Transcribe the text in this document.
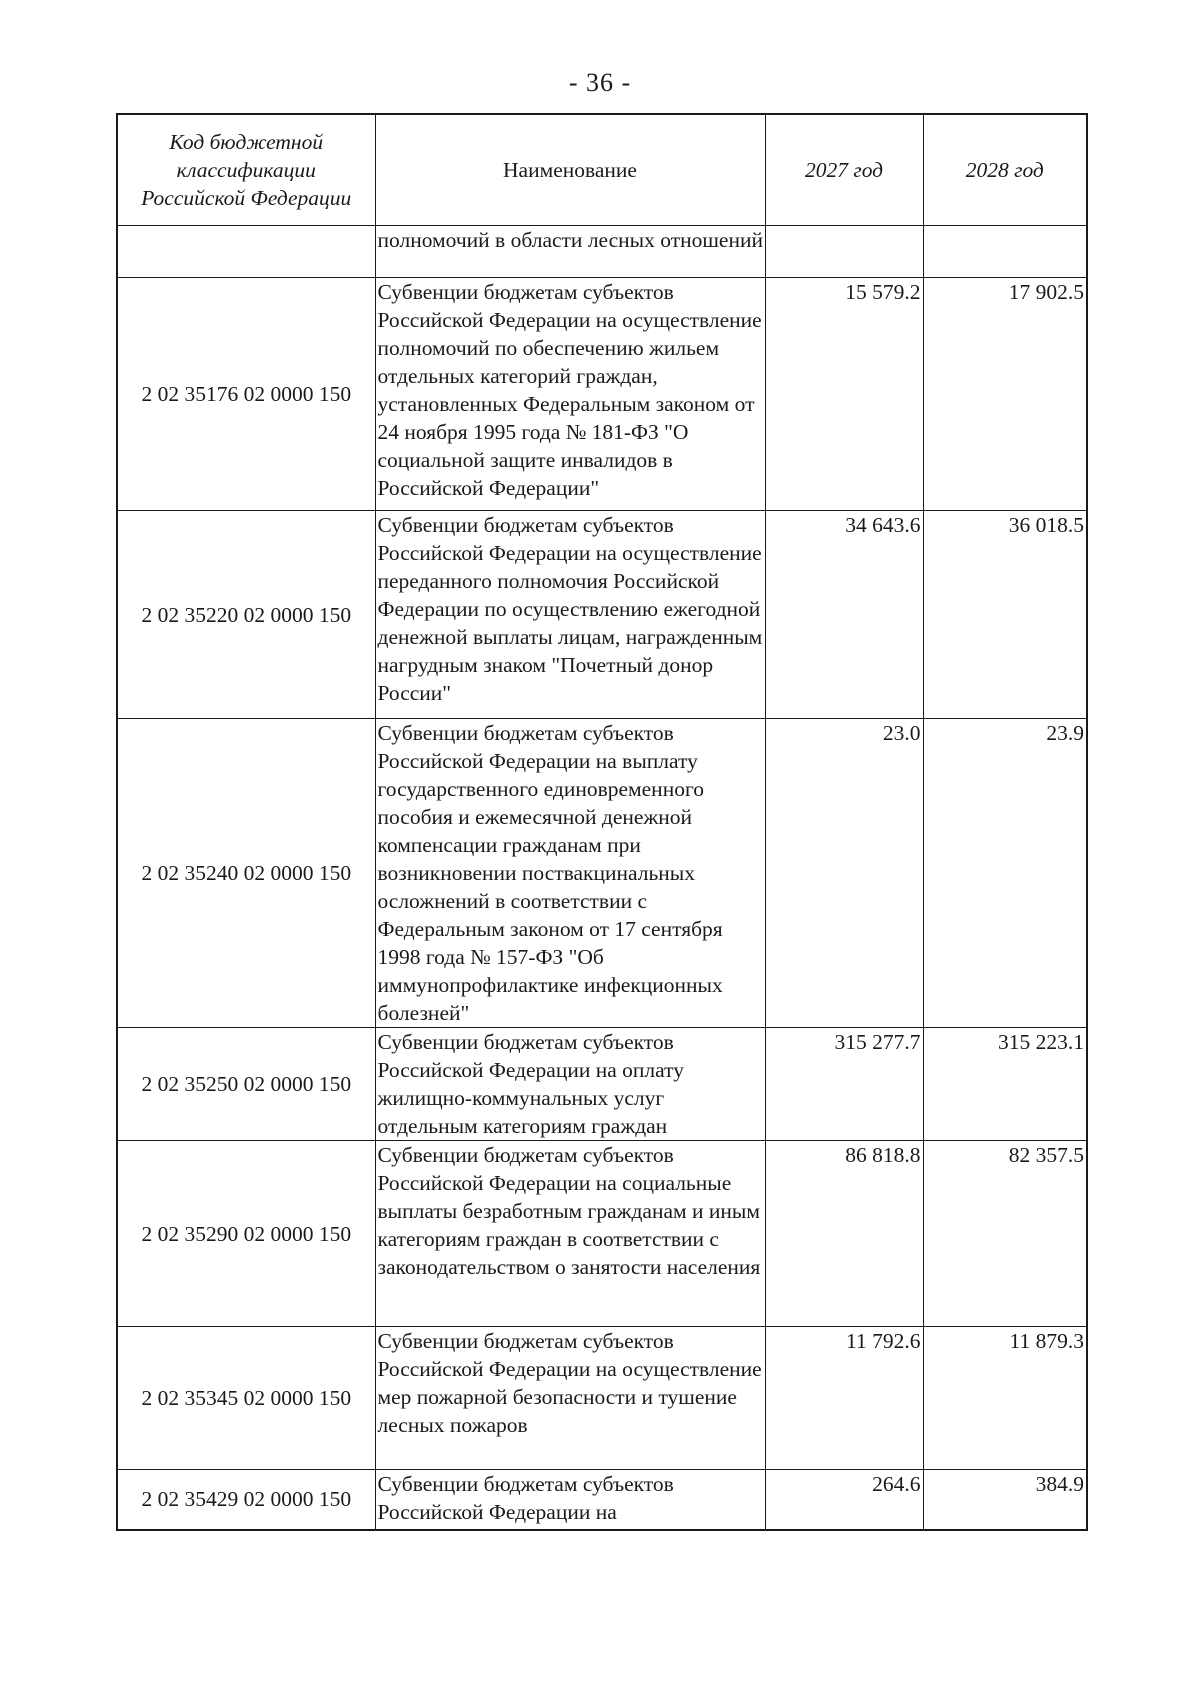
- 36 -
Код бюджетной классификации Российской Федерации	Наименование	2027 год	2028 год
	полномочий в области лесных отношений		
2 02 35176 02 0000 150	Субвенции бюджетам субъектов Российской Федерации на осуществление полномочий по обеспечению жильем отдельных категорий граждан, установленных Федеральным законом от 24 ноября 1995 года № 181-ФЗ "О социальной защите инвалидов в Российской Федерации"	15 579.2	17 902.5
2 02 35220 02 0000 150	Субвенции бюджетам субъектов Российской Федерации на осуществление переданного полномочия Российской Федерации по осуществлению ежегодной денежной выплаты лицам, награжденным нагрудным знаком "Почетный донор России"	34 643.6	36 018.5
2 02 35240 02 0000 150	Субвенции бюджетам субъектов Российской Федерации на выплату государственного единовременного пособия и ежемесячной денежной компенсации гражданам при возникновении поствакцинальных осложнений в соответствии с Федеральным законом от 17 сентября 1998 года № 157-ФЗ "Об иммунопрофилактике инфекционных болезней"	23.0	23.9
2 02 35250 02 0000 150	Субвенции бюджетам субъектов Российской Федерации на оплату жилищно-коммунальных услуг отдельным категориям граждан	315 277.7	315 223.1
2 02 35290 02 0000 150	Субвенции бюджетам субъектов Российской Федерации на социальные выплаты безработным гражданам и иным категориям граждан в соответствии с законодательством о занятости населения	86 818.8	82 357.5
2 02 35345 02 0000 150	Субвенции бюджетам субъектов Российской Федерации на осуществление мер пожарной безопасности и тушение лесных пожаров	11 792.6	11 879.3
2 02 35429 02 0000 150	Субвенции бюджетам субъектов Российской Федерации на	264.6	384.9
